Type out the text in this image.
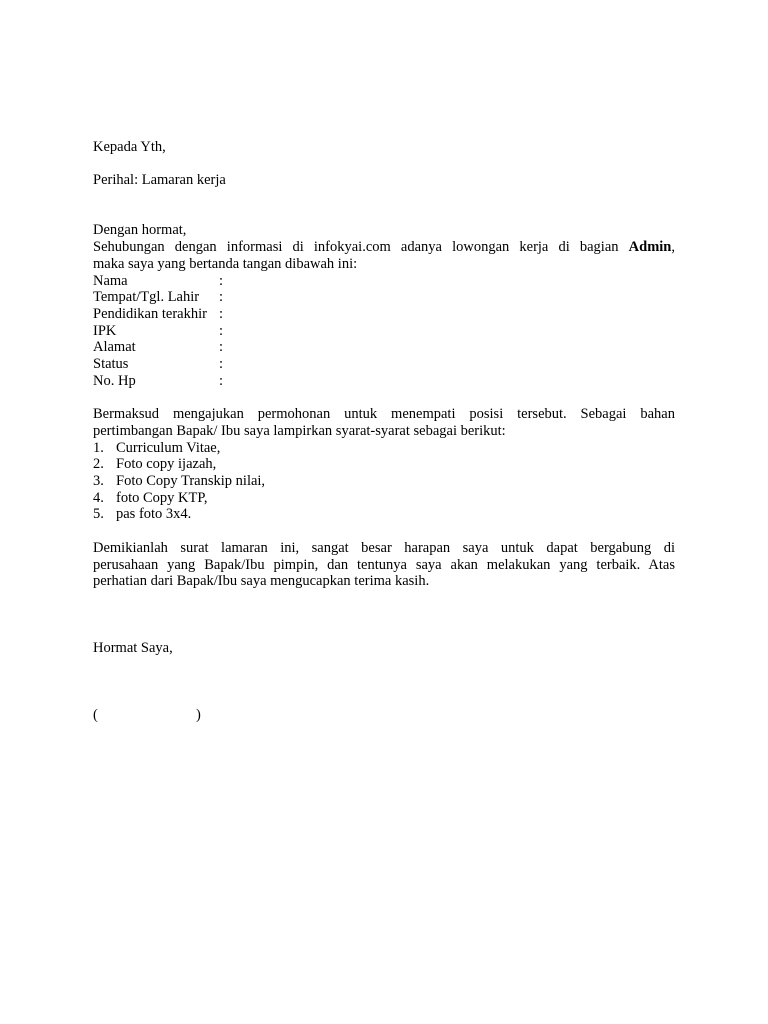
Kepada Yth,
Perihal: Lamaran kerja
Dengan hormat,
Sehubungan dengan informasi di infokyai.com adanya lowongan kerja di bagian Admin,
maka saya yang bertanda tangan dibawah ini:
Nama	:
Tempat/Tgl. Lahir	:
Pendidikan terakhir :
IPK	:
Alamat	:
Status	:
No. Hp	:
Bermaksud mengajukan permohonan untuk menempati posisi tersebut. Sebagai bahan
pertimbangan Bapak/ Ibu saya lampirkan syarat-syarat sebagai berikut:
1. Curriculum Vitae,
2. Foto copy ijazah,
3. Foto Copy Transkip nilai,
4. foto Copy KTP,
5. pas foto 3x4.
Demikianlah surat lamaran ini, sangat besar harapan saya untuk dapat bergabung di
perusahaan yang Bapak/Ibu pimpin, dan tentunya saya akan melakukan yang terbaik. Atas
perhatian dari Bapak/Ibu saya mengucapkan terima kasih.
Hormat Saya,
(	)
